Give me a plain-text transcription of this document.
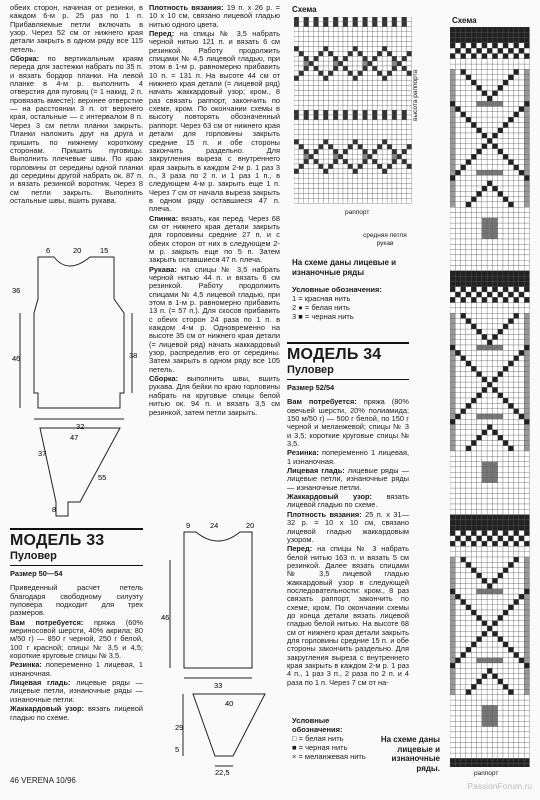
обеих сторон, начиная от резинки, в каждом 6-м р. 25 раз по 1 п. Прибавляемые петли включать в узор. Через 52 см от нижнего края детали закрыть в одном ряду все 115 петель.

Сборка: по вертикальным краям переда для застежки набрать по 35 п. и вязать бордюр планки. На левой планке в 4-м р. выполнить 4 отверстия для пуговиц (= 1 накид, 2 п. провязать вместе): верхнее отверстие — на расстоянии 3 п. от верхнего края, остальные — с интервалом 8 п. Через 3 см петли планки закрыть. Планки наложить друг на друга и пришить по нижнему короткому сторонам. Пришить пуговицы. Выполнить плечевые швы. По краю горловины от середины одной планки до середины другой набрать ок. 87 п. и вязать резинкой воротник. Через 8 см петли закрыть. Выполнить остальные швы, вшить рукава.

6	20 15
36
46	38
32
47
37
8
55
МОДЕЛЬ 33
Пуловер
Размер 50—54

Приведенный расчет петель благодаря свободному силуэту пуловера подходит для трех размеров.

Вам потребуется: пряжа (60% мериносовой шерсти, 40% акрила; 80 м/50 г) — 850 г черной, 250 г белой, 100 г красной; спицы № 3,5 и 4,5; короткие круговые спицы № 3,5.

Резинка: попеременно 1 лицевая, 1 изнаночная.

Лицевая гладь: лицевые ряды — лицевые петли, изнаночные ряды — изнаночные петли.

Жаккардовый узор: вязать лицевой гладью по схеме.

Плотность вязания: 19 п. х 26 р. = 10 х 10 см, связано лицевой гладью нитью одного цвета.

Перед: на спицы № 3,5 набрать черной нитью 121 п. и вязать 6 см резинкой. Работу продолжить спицами № 4,5 лицевой гладью, при этом в 1-м р. равномерно прибавить 10 п. = 131 п. На высоте 44 см от нижнего края детали (= лицевой ряд) начать жаккардовый узор; кром., 8 раз связать раппорт, закончить по схеме, кром. По окончании схемы в высоту повторять обозначенный раппорт. Через 63 см от нижнего края детали для горловины закрыть средние 15 п. и обе стороны закончить раздельно. Для закругления выреза с внутреннего края закрыть в каждом 2-м р. 1 раз 3 п., 3 раза по 2 п. и 1 раз 1 п., в следующем 4-м р. закрыть еще 1 п. Через 7 см от начала выреза закрыть в одном ряду оставшиеся 47 п. плеча.

Спинка: вязать, как перед. Через 68 см от нижнего края детали закрыть для горловины средние 27 п. и с обеих сторон от них в следующем 2-м р. закрыть еще по 5 п. Затем закрыть оставшиеся 47 п. плеча.

Рукава: на спицы № 3,5 набрать черной нитью 44 п. и вязать 6 см резинкой. Работу продолжить спицами № 4,5 лицевой гладью, при этом в 1-м р. равномерно прибавить 13 п. (= 57 п.). Для скосов прибавить с обеих сторон 24 раза по 1 п. в каждом 4-м р. Одновременно на высоте 35 см от нижнего края детали (= лицевой ряд) начать жаккардовый узор, распределив его от середины. Затем закрыть в одном ряду все 105 петель.

Сборка: выполнить швы, вшить рукава. Для бейки по краю горловины набрать на круговые спицы белой нитью ок. 94 п. и вязать 3,5 см резинкой, затем петли закрыть.

9	24	20
46
33
40
29
5
22,5
Схема
высота раппорта
раппорт
средняя петля рукав
На схеме даны лицевые и изнаночные ряды
Условные обозначения:
1 = красная нить
2 ● = белая нить
3 ■ = черная нить
МОДЕЛЬ 34
Пуловер
Размер 52/54

Вам потребуется: пряжа (80% овечьей шерсти, 20% полиамида; 150 м/50 г) — 500 г белой, по 150 г черной и меланжевой; спицы № 3 и 3,5; короткие круговые спицы № 3,5.

Резинка: попеременно 1 лицевая, 1 изнаночная.

Лицевая гладь: лицевые ряды — лицевые петли, изнаночные ряды — изнаночные петли.

Жаккардовый узор: вязать лицевой гладью по схеме.

Плотность вязания: 25 п. х 31—32 р. = 10 х 10 см, связано лицевой гладью жаккардовым узором.

Перед: на спицы № 3 набрать белой нитью 163 п. и вязать 5 см резинкой. Далее вязать спицами № 3,5 лицевой гладью жаккардовый узор в следующей последовательности: кром., 8 раз связать раппорт, закончить по схеме, кром. По окончании схемы до конца детали вязать лицевой гладью белой нитью. На высоте 68 см от нижнего края детали закрыть для горловины средние 15 п. и обе стороны закончить раздельно. Для закругления выреза с внутреннего края закрыть в каждом 2-м р. 1 раз 4 п., 1 раз 3 п., 2 раза по 2 п. и 4 раза по 1 п. Через 7 см от на-

Условные обозначения:
□ = белая нить
■ = черная нить
× = меланжевая нить
Схема
На схеме даны лицевые и изнаночные ряды.
раппорт
46 VERENA 10/96
PassionForum.ru
